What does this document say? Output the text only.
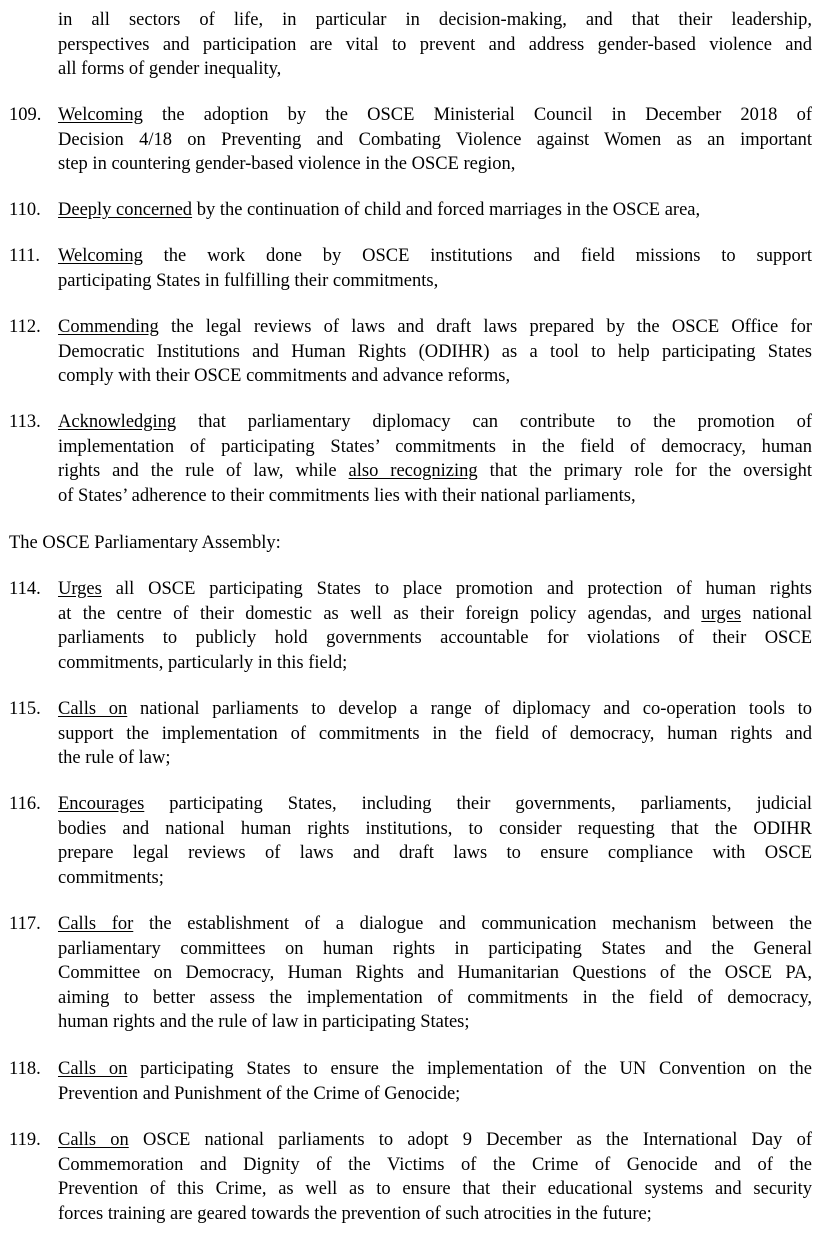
in all sectors of life, in particular in decision-making, and that their leadership,
perspectives and participation are vital to prevent and address gender-based violence and
all forms of gender inequality,
109. Welcoming the adoption by the OSCE Ministerial Council in December 2018 of
Decision 4/18 on Preventing and Combating Violence against Women as an important
step in countering gender-based violence in the OSCE region,
110. Deeply concerned by the continuation of child and forced marriages in the OSCE area,
111. Welcoming the work done by OSCE institutions and field missions to support
participating States in fulfilling their commitments,
112. Commending the legal reviews of laws and draft laws prepared by the OSCE Office for
Democratic Institutions and Human Rights (ODIHR) as a tool to help participating States
comply with their OSCE commitments and advance reforms,
113. Acknowledging that parliamentary diplomacy can contribute to the promotion of
implementation of participating States’ commitments in the field of democracy, human
rights and the rule of law, while also recognizing that the primary role for the oversight
of States’ adherence to their commitments lies with their national parliaments,
The OSCE Parliamentary Assembly:
114. Urges all OSCE participating States to place promotion and protection of human rights
at the centre of their domestic as well as their foreign policy agendas, and urges national
parliaments to publicly hold governments accountable for violations of their OSCE
commitments, particularly in this field;
115. Calls on national parliaments to develop a range of diplomacy and co-operation tools to
support the implementation of commitments in the field of democracy, human rights and
the rule of law;
116. Encourages participating States, including their governments, parliaments, judicial
bodies and national human rights institutions, to consider requesting that the ODIHR
prepare legal reviews of laws and draft laws to ensure compliance with OSCE
commitments;
117. Calls for the establishment of a dialogue and communication mechanism between the
parliamentary committees on human rights in participating States and the General
Committee on Democracy, Human Rights and Humanitarian Questions of the OSCE PA,
aiming to better assess the implementation of commitments in the field of democracy,
human rights and the rule of law in participating States;
118. Calls on participating States to ensure the implementation of the UN Convention on the
Prevention and Punishment of the Crime of Genocide;
119. Calls on OSCE national parliaments to adopt 9 December as the International Day of
Commemoration and Dignity of the Victims of the Crime of Genocide and of the
Prevention of this Crime, as well as to ensure that their educational systems and security
forces training are geared towards the prevention of such atrocities in the future;
